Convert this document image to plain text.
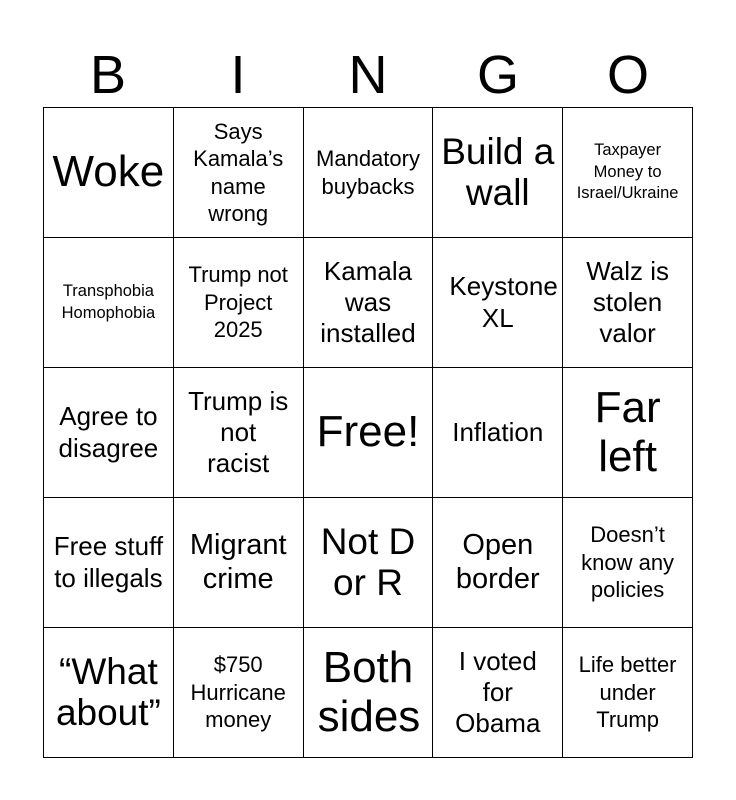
B	I	N	G	O
Woke	Says Kamala’s name wrong	Mandatory buybacks	Build a wall	Taxpayer Money to Israel/Ukraine

Transphobia Homophobia	Trump not Project 2025	Kamala was installed	Keystone XL	Walz is stolen valor

Agree to disagree	Trump is not racist	Free!	Inflation	Far left

Free stuff to illegals	Migrant crime	Not D or R	Open border	Doesn’t know any policies

“What about”	$750 Hurricane money	Both sides	I voted for Obama	Life better under Trump
